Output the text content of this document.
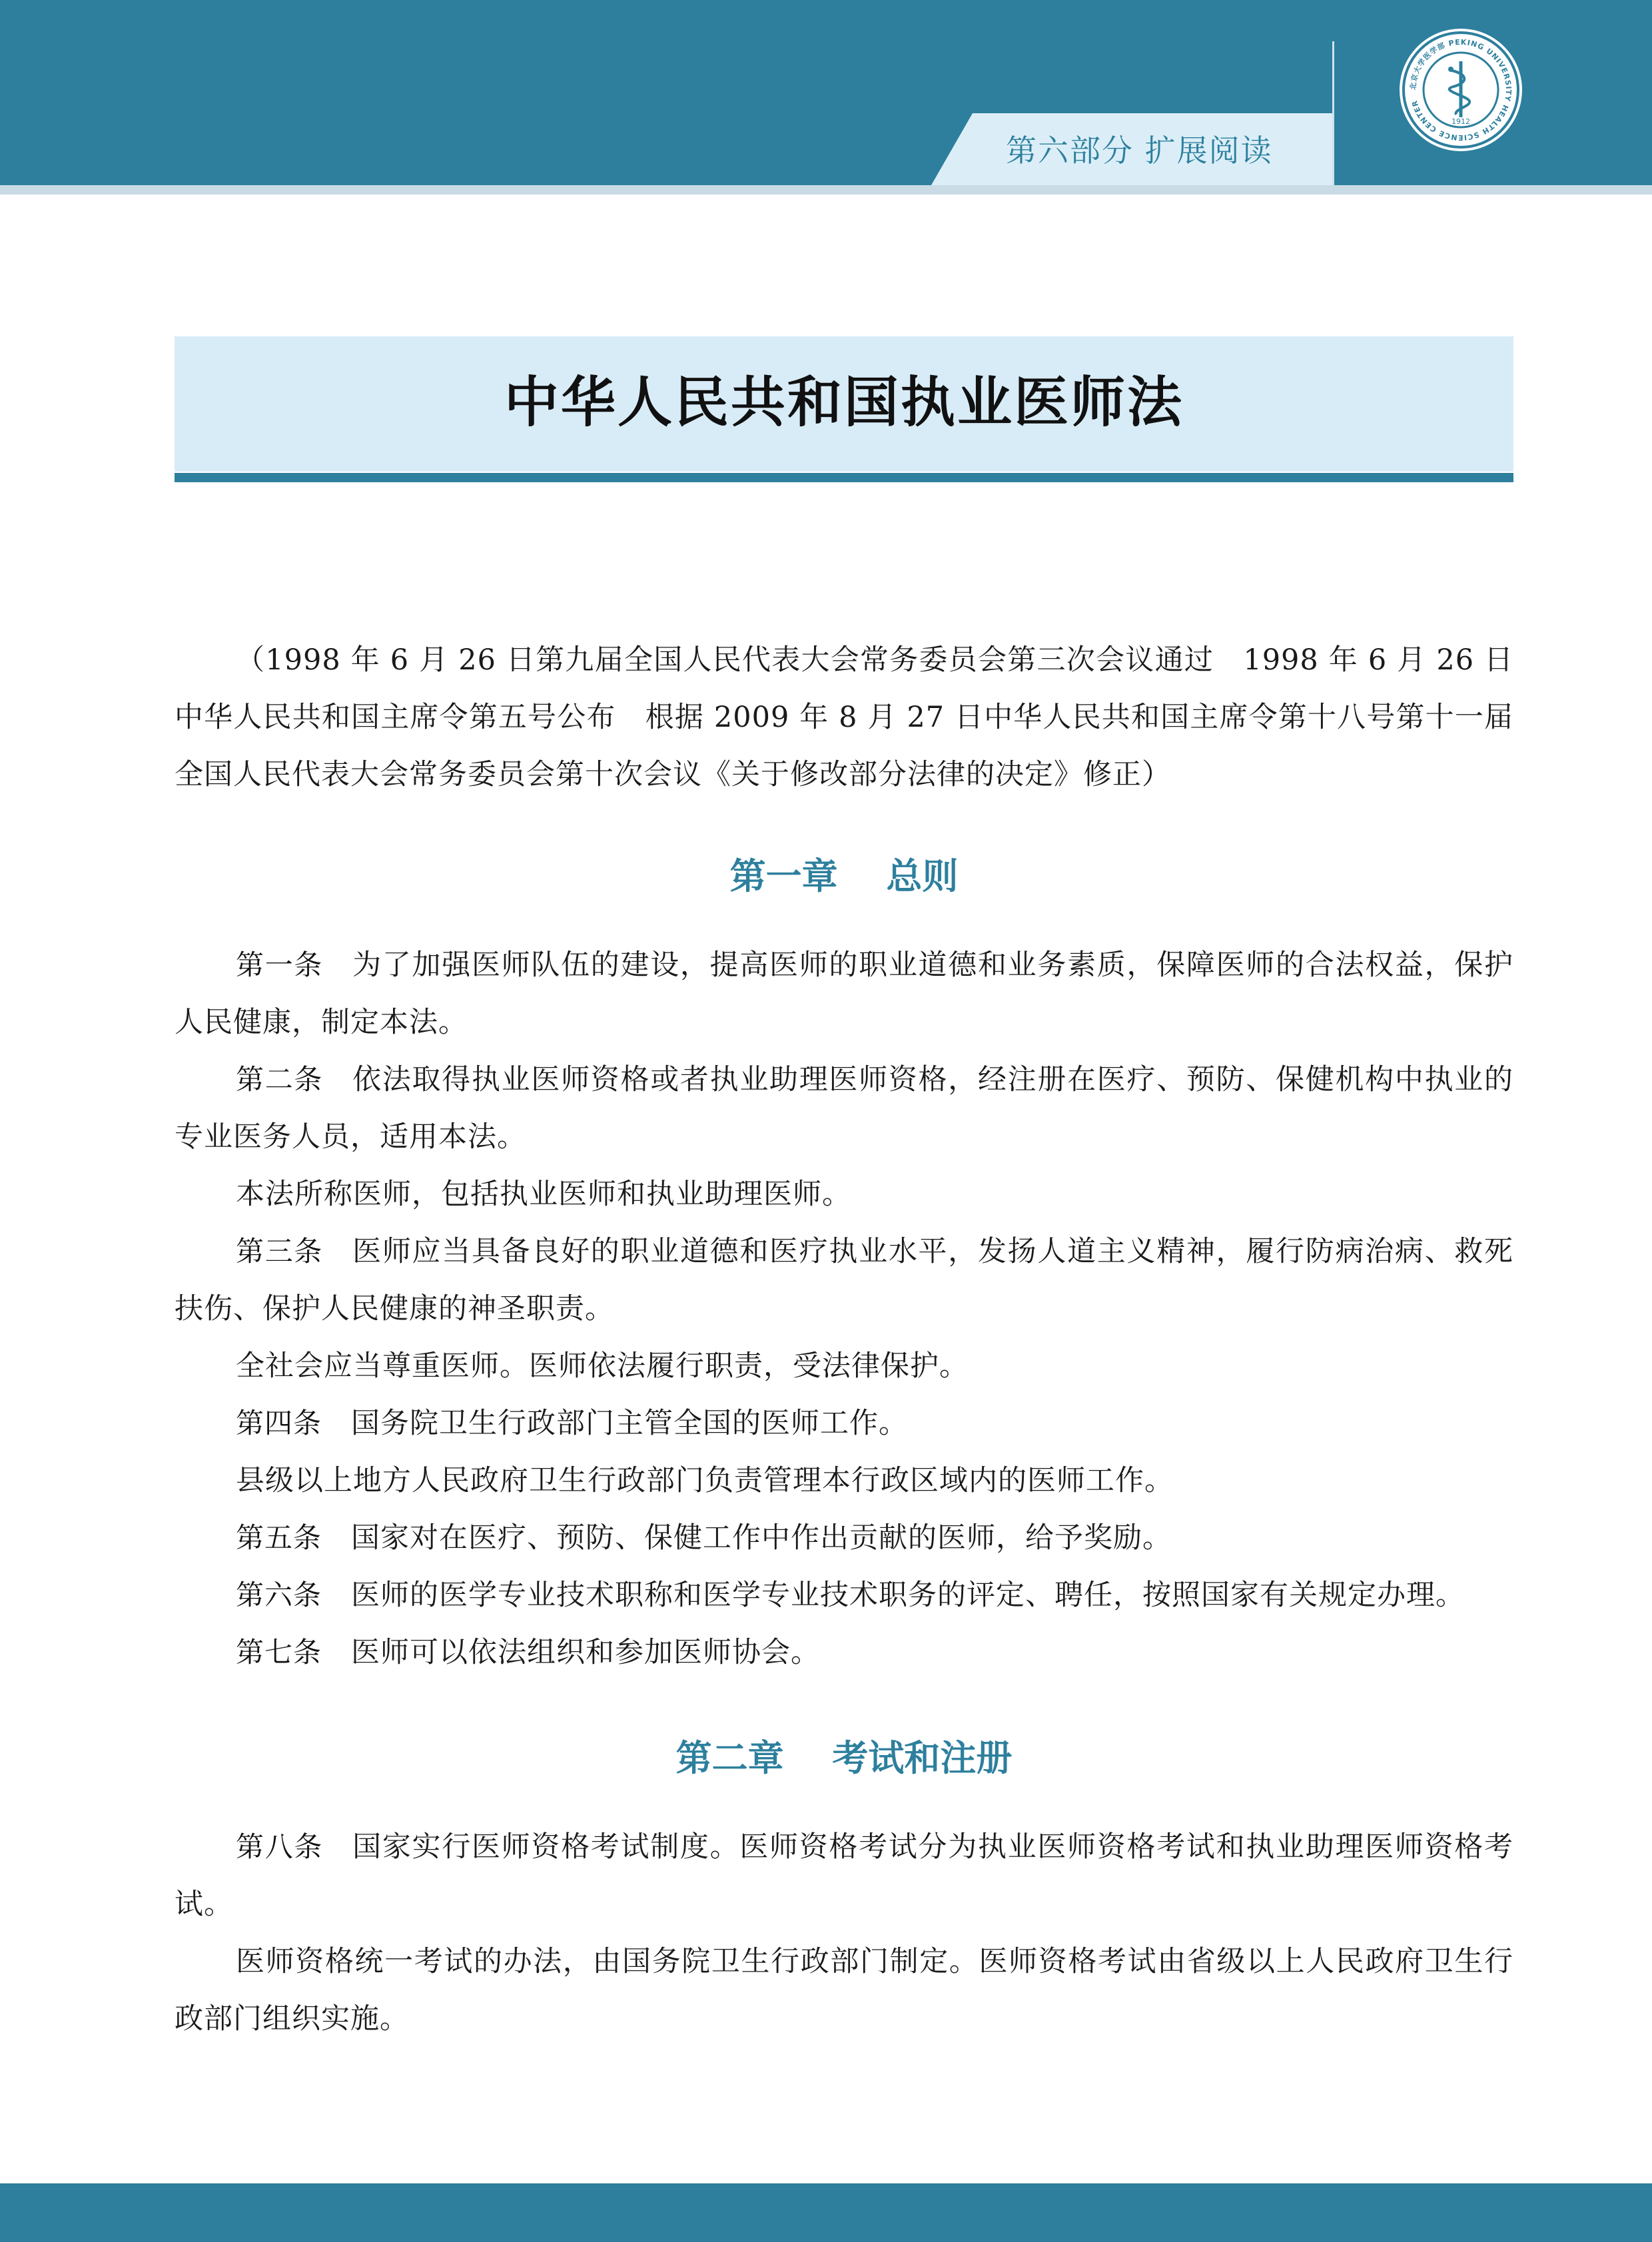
第六部分 扩展阅读
北京大学医学部 PEKING UNIVERSITY HEALTH SCIENCE CENTER
1912
中华人民共和国执业医师法

（1998 年 6 月 26 日第九届全国人民代表大会常务委员会第三次会议通过　1998 年 6 月 26 日中华人民共和国主席令第五号公布　根据 2009 年 8 月 27 日中华人民共和国主席令第十八号第十一届全国人民代表大会常务委员会第十次会议《关于修改部分法律的决定》修正）

第一章　 总则

第一条 为了加强医师队伍的建设，提高医师的职业道德和业务素质，保障医师的合法权益，保护人民健康，制定本法。

第二条 依法取得执业医师资格或者执业助理医师资格，经注册在医疗、预防、保健机构中执业的专业医务人员，适用本法。

本法所称医师，包括执业医师和执业助理医师。

第三条 医师应当具备良好的职业道德和医疗执业水平，发扬人道主义精神，履行防病治病、救死扶伤、保护人民健康的神圣职责。

全社会应当尊重医师。医师依法履行职责，受法律保护。

第四条 国务院卫生行政部门主管全国的医师工作。

县级以上地方人民政府卫生行政部门负责管理本行政区域内的医师工作。

第五条 国家对在医疗、预防、保健工作中作出贡献的医师，给予奖励。

第六条 医师的医学专业技术职称和医学专业技术职务的评定、聘任，按照国家有关规定办理。

第七条 医师可以依法组织和参加医师协会。

第二章　 考试和注册

第八条 国家实行医师资格考试制度。医师资格考试分为执业医师资格考试和执业助理医师资格考试。

医师资格统一考试的办法，由国务院卫生行政部门制定。医师资格考试由省级以上人民政府卫生行政部门组织实施。
